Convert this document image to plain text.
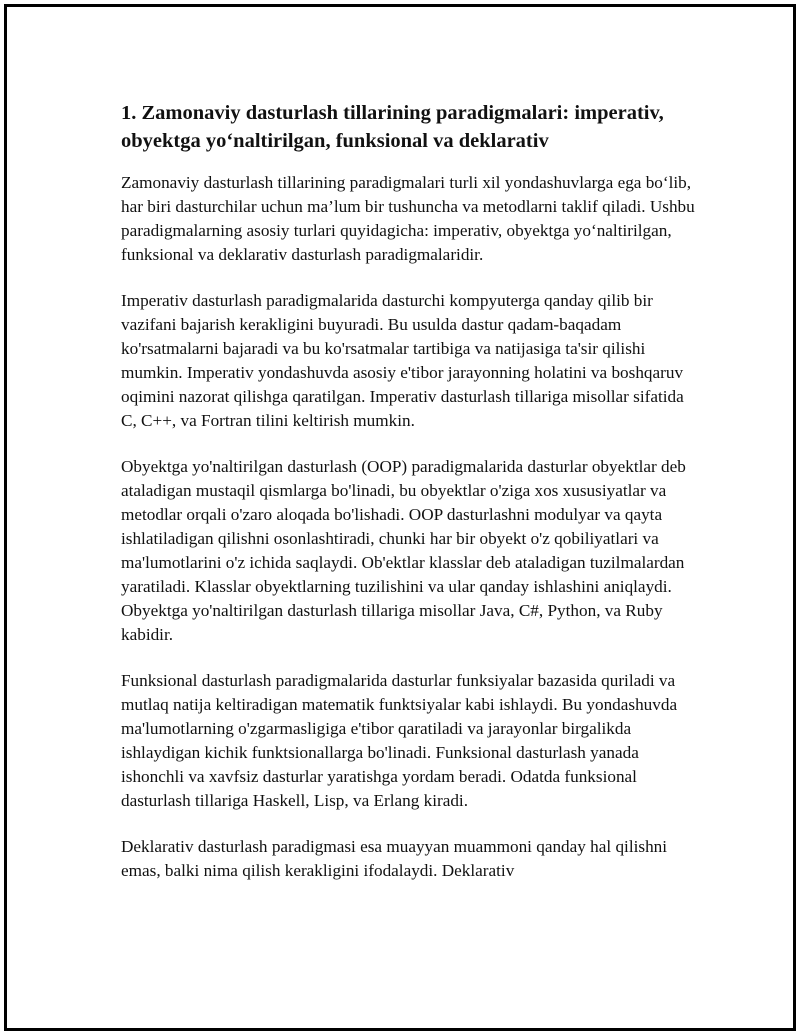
1. Zamonaviy dasturlash tillarining paradigmalari: imperativ, obyektga yo‘naltirilgan, funksional va deklarativ

Zamonaviy dasturlash tillarining paradigmalari turli xil yondashuvlarga ega bo‘lib, har biri dasturchilar uchun ma’lum bir tushuncha va metodlarni taklif qiladi. Ushbu paradigmalarning asosiy turlari quyidagicha: imperativ, obyektga yo‘naltirilgan, funksional va deklarativ dasturlash paradigmalaridir.

Imperativ dasturlash paradigmalarida dasturchi kompyuterga qanday qilib bir vazifani bajarish kerakligini buyuradi. Bu usulda dastur qadam-baqadam ko'rsatmalarni bajaradi va bu ko'rsatmalar tartibiga va natijasiga ta'sir qilishi mumkin. Imperativ yondashuvda asosiy e'tibor jarayonning holatini va boshqaruv oqimini nazorat qilishga qaratilgan. Imperativ dasturlash tillariga misollar sifatida C, C++, va Fortran tilini keltirish mumkin.

Obyektga yo'naltirilgan dasturlash (OOP) paradigmalarida dasturlar obyektlar deb ataladigan mustaqil qismlarga bo'linadi, bu obyektlar o'ziga xos xususiyatlar va metodlar orqali o'zaro aloqada bo'lishadi. OOP dasturlashni modulyar va qayta ishlatiladigan qilishni osonlashtiradi, chunki har bir obyekt o'z qobiliyatlari va ma'lumotlarini o'z ichida saqlaydi. Ob'ektlar klasslar deb ataladigan tuzilmalardan yaratiladi. Klasslar obyektlarning tuzilishini va ular qanday ishlashini aniqlaydi. Obyektga yo'naltirilgan dasturlash tillariga misollar Java, C#, Python, va Ruby kabidir.

Funksional dasturlash paradigmalarida dasturlar funksiyalar bazasida quriladi va mutlaq natija keltiradigan matematik funktsiyalar kabi ishlaydi. Bu yondashuvda ma'lumotlarning o'zgarmasligiga e'tibor qaratiladi va jarayonlar birgalikda ishlaydigan kichik funktsionallarga bo'linadi. Funksional dasturlash yanada ishonchli va xavfsiz dasturlar yaratishga yordam beradi. Odatda funksional dasturlash tillariga Haskell, Lisp, va Erlang kiradi.

Deklarativ dasturlash paradigmasi esa muayyan muammoni qanday hal qilishni emas, balki nima qilish kerakligini ifodalaydi. Deklarativ
